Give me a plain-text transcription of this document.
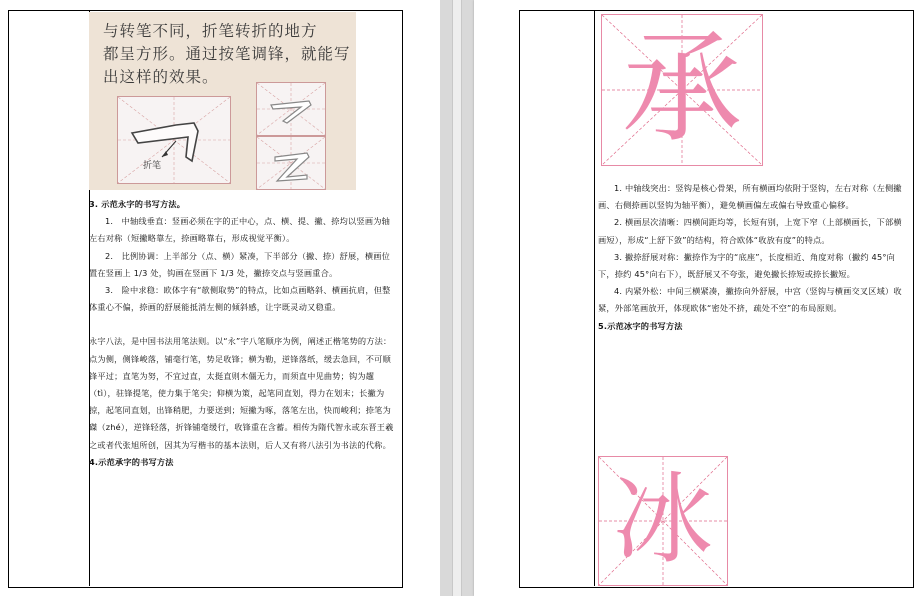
与转笔不同，折笔转折的地方
都呈方形。通过按笔调锋，就能写
出这样的效果。
折笔

3. 示范永字的书写方法。

1.　中轴线垂直：竖画必须在字的正中心，点、横、提、撇、捺均以竖画为轴左右对称（短撇略靠左，捺画略靠右，形成视觉平衡）。

2.　比例协调：上半部分（点、横）紧凑，下半部分（撇、捺）舒展，横画位置在竖画上 1/3 处，钩画在竖画下 1/3 处，撇捺交点与竖画重合。

3.　险中求稳：欧体字有“欹侧取势”的特点，比如点画略斜、横画抗肩，但整体重心不偏，捺画的舒展能抵消左侧的倾斜感，让字既灵动又稳重。

永字八法，是中国书法用笔法则。以“永”字八笔顺序为例，阐述正楷笔势的方法：点为侧，侧锋峻落，铺毫行笔，势足收锋；横为勒，逆锋落纸，缓去急回，不可顺锋平过；直笔为努，不宜过直，太挺直则木僵无力，而须直中见曲势；钩为趯（tì），驻锋提笔，使力集于笔尖；仰横为策，起笔同直划，得力在划末；长撇为掠，起笔同直划，出锋稍肥，力要送到；短撇为啄，落笔左出，快而峻利；捺笔为磔（zhé），逆锋轻落，折锋铺毫缓行，收锋重在含蓄。相传为隋代智永或东晋王羲之或者代张旭所创，因其为写楷书的基本法则，后人又有将八法引为书法的代称。

4.示范承字的书写方法

承

1. 中轴线突出：竖钩是核心骨架，所有横画均依附于竖钩，左右对称（左侧撇画、右侧捺画以竖钩为轴平衡），避免横画偏左或偏右导致重心偏移。

2. 横画层次清晰：四横间距均等，长短有别，上宽下窄（上部横画长，下部横画短），形成“上舒下敛”的结构，符合欧体“收放有度”的特点。

3. 撇捺舒展对称：撇捺作为字的“底座”，长度相近、角度对称（撇约 45°向下，捺约 45°向右下），既舒展又不夸张，避免撇长捺短或捺长撇短。

4. 内紧外松：中间三横紧凑，撇捺向外舒展，中宫（竖钩与横画交叉区域）收紧，外部笔画放开，体现欧体“密处不挤，疏处不空”的布局原则。

5.示范冰字的书写方法

冰
